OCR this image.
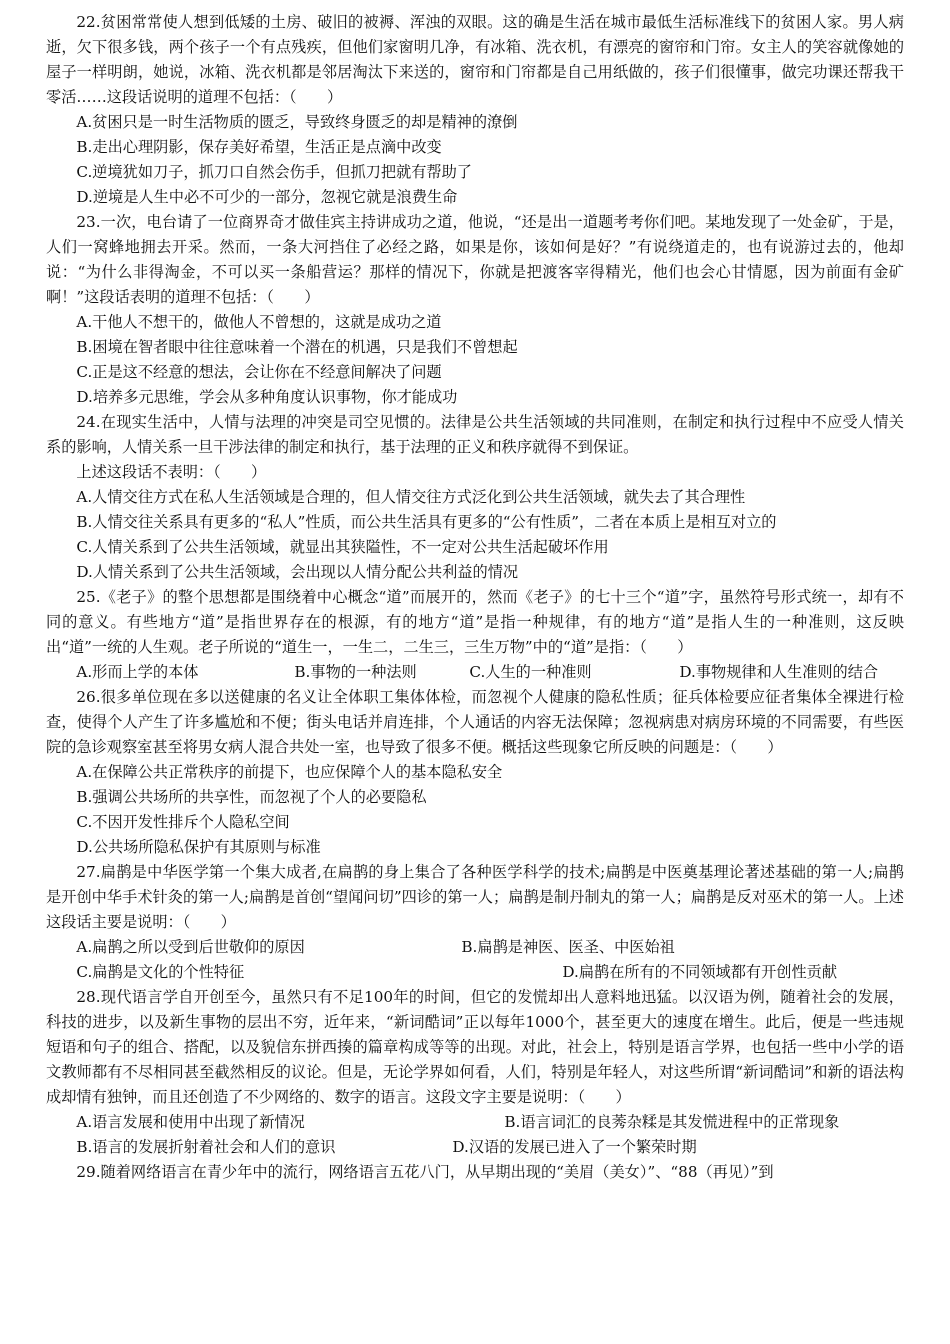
22.贫困常常使人想到低矮的土房、破旧的被褥、浑浊的双眼。这的确是生活在城市最低生活标准线下的贫困人家。男人病逝，欠下很多钱，两个孩子一个有点残疾，但他们家窗明几净，有冰箱、洗衣机，有漂亮的窗帘和门帘。女主人的笑容就像她的屋子一样明朗，她说，冰箱、洗衣机都是邻居淘汰下来送的，窗帘和门帘都是自己用纸做的，孩子们很懂事，做完功课还帮我干零活……这段话说明的道理不包括：（　　）

A.贫困只是一时生活物质的匮乏，导致终身匮乏的却是精神的潦倒

B.走出心理阴影，保存美好希望，生活正是点滴中改变

C.逆境犹如刀子，抓刀口自然会伤手，但抓刀把就有帮助了

D.逆境是人生中必不可少的一部分，忽视它就是浪费生命

23.一次，电台请了一位商界奇才做佳宾主持讲成功之道，他说，“还是出一道题考考你们吧。某地发现了一处金矿，于是，人们一窝蜂地拥去开采。然而，一条大河挡住了必经之路，如果是你，该如何是好？”有说绕道走的，也有说游过去的，他却说：“为什么非得淘金，不可以买一条船营运？那样的情况下，你就是把渡客宰得精光，他们也会心甘情愿，因为前面有金矿啊！”这段话表明的道理不包括：（　　）

A.干他人不想干的，做他人不曾想的，这就是成功之道

B.困境在智者眼中往往意味着一个潜在的机遇，只是我们不曾想起

C.正是这不经意的想法，会让你在不经意间解决了问题

D.培养多元思维，学会从多种角度认识事物，你才能成功

24.在现实生活中，人情与法理的冲突是司空见惯的。法律是公共生活领域的共同准则，在制定和执行过程中不应受人情关系的影响，人情关系一旦干涉法律的制定和执行，基于法理的正义和秩序就得不到保证。

上述这段话不表明：（　　）

A.人情交往方式在私人生活领域是合理的，但人情交往方式泛化到公共生活领域，就失去了其合理性

B.人情交往关系具有更多的“私人”性质，而公共生活具有更多的“公有性质”，二者在本质上是相互对立的

C.人情关系到了公共生活领域，就显出其狭隘性，不一定对公共生活起破坏作用

D.人情关系到了公共生活领域，会出现以人情分配公共利益的情况

25.《老子》的整个思想都是围绕着中心概念“道”而展开的，然而《老子》的七十三个“道”字，虽然符号形式统一，却有不同的意义。有些地方“道”是指世界存在的根源，有的地方“道”是指一种规律，有的地方“道”是指人生的一种准则，这反映出“道”一统的人生观。老子所说的“道生一，一生二，二生三，三生万物”中的“道”是指：（　　）

A.形而上学的本体	B.事物的一种法则	C.人生的一种准则	D.事物规律和人生准则的结合

26.很多单位现在多以送健康的名义让全体职工集体体检，而忽视个人健康的隐私性质；征兵体检要应征者集体全裸进行检查，使得个人产生了许多尴尬和不便；街头电话并肩连排，个人通话的内容无法保障；忽视病患对病房环境的不同需要，有些医院的急诊观察室甚至将男女病人混合共处一室，也导致了很多不便。概括这些现象它所反映的问题是：（　　）

A.在保障公共正常秩序的前提下，也应保障个人的基本隐私安全

B.强调公共场所的共享性，而忽视了个人的必要隐私

C.不因开发性排斥个人隐私空间

D.公共场所隐私保护有其原则与标准

27.扁鹊是中华医学第一个集大成者,在扁鹊的身上集合了各种医学科学的技术;扁鹊是中医奠基理论著述基础的第一人;扁鹊是开创中华手术针灸的第一人;扁鹊是首创“望闻问切”四诊的第一人；扁鹊是制丹制丸的第一人；扁鹊是反对巫术的第一人。上述这段话主要是说明：（　　）

A.扁鹊之所以受到后世敬仰的原因	B.扁鹊是神医、医圣、中医始祖
C.扁鹊是文化的个性特征	D.扁鹊在所有的不同领域都有开创性贡献

28.现代语言学自开创至今，虽然只有不足100年的时间，但它的发慌却出人意料地迅猛。以汉语为例，随着社会的发展，科技的进步，以及新生事物的层出不穷，近年来，“新词酷词”正以每年1000个，甚至更大的速度在增生。此后，便是一些违规短语和句子的组合、搭配，以及貌信东拼西揍的篇章构成等等的出现。对此，社会上，特别是语言学界，也包括一些中小学的语文教师都有不尽相同甚至截然相反的议论。但是，无论学界如何看，人们，特别是年轻人，对这些所谓“新词酷词”和新的语法构成却情有独钟，而且还创造了不少网络的、数字的语言。这段文字主要是说明：（　　）

A.语言发展和使用中出现了新情况	B.语言词汇的良莠杂糅是其发慌进程中的正常现象
B.语言的发展折射着社会和人们的意识	D.汉语的发展已进入了一个繁荣时期

29.随着网络语言在青少年中的流行，网络语言五花八门，从早期出现的“美眉（美女）”、“88（再见）”到
